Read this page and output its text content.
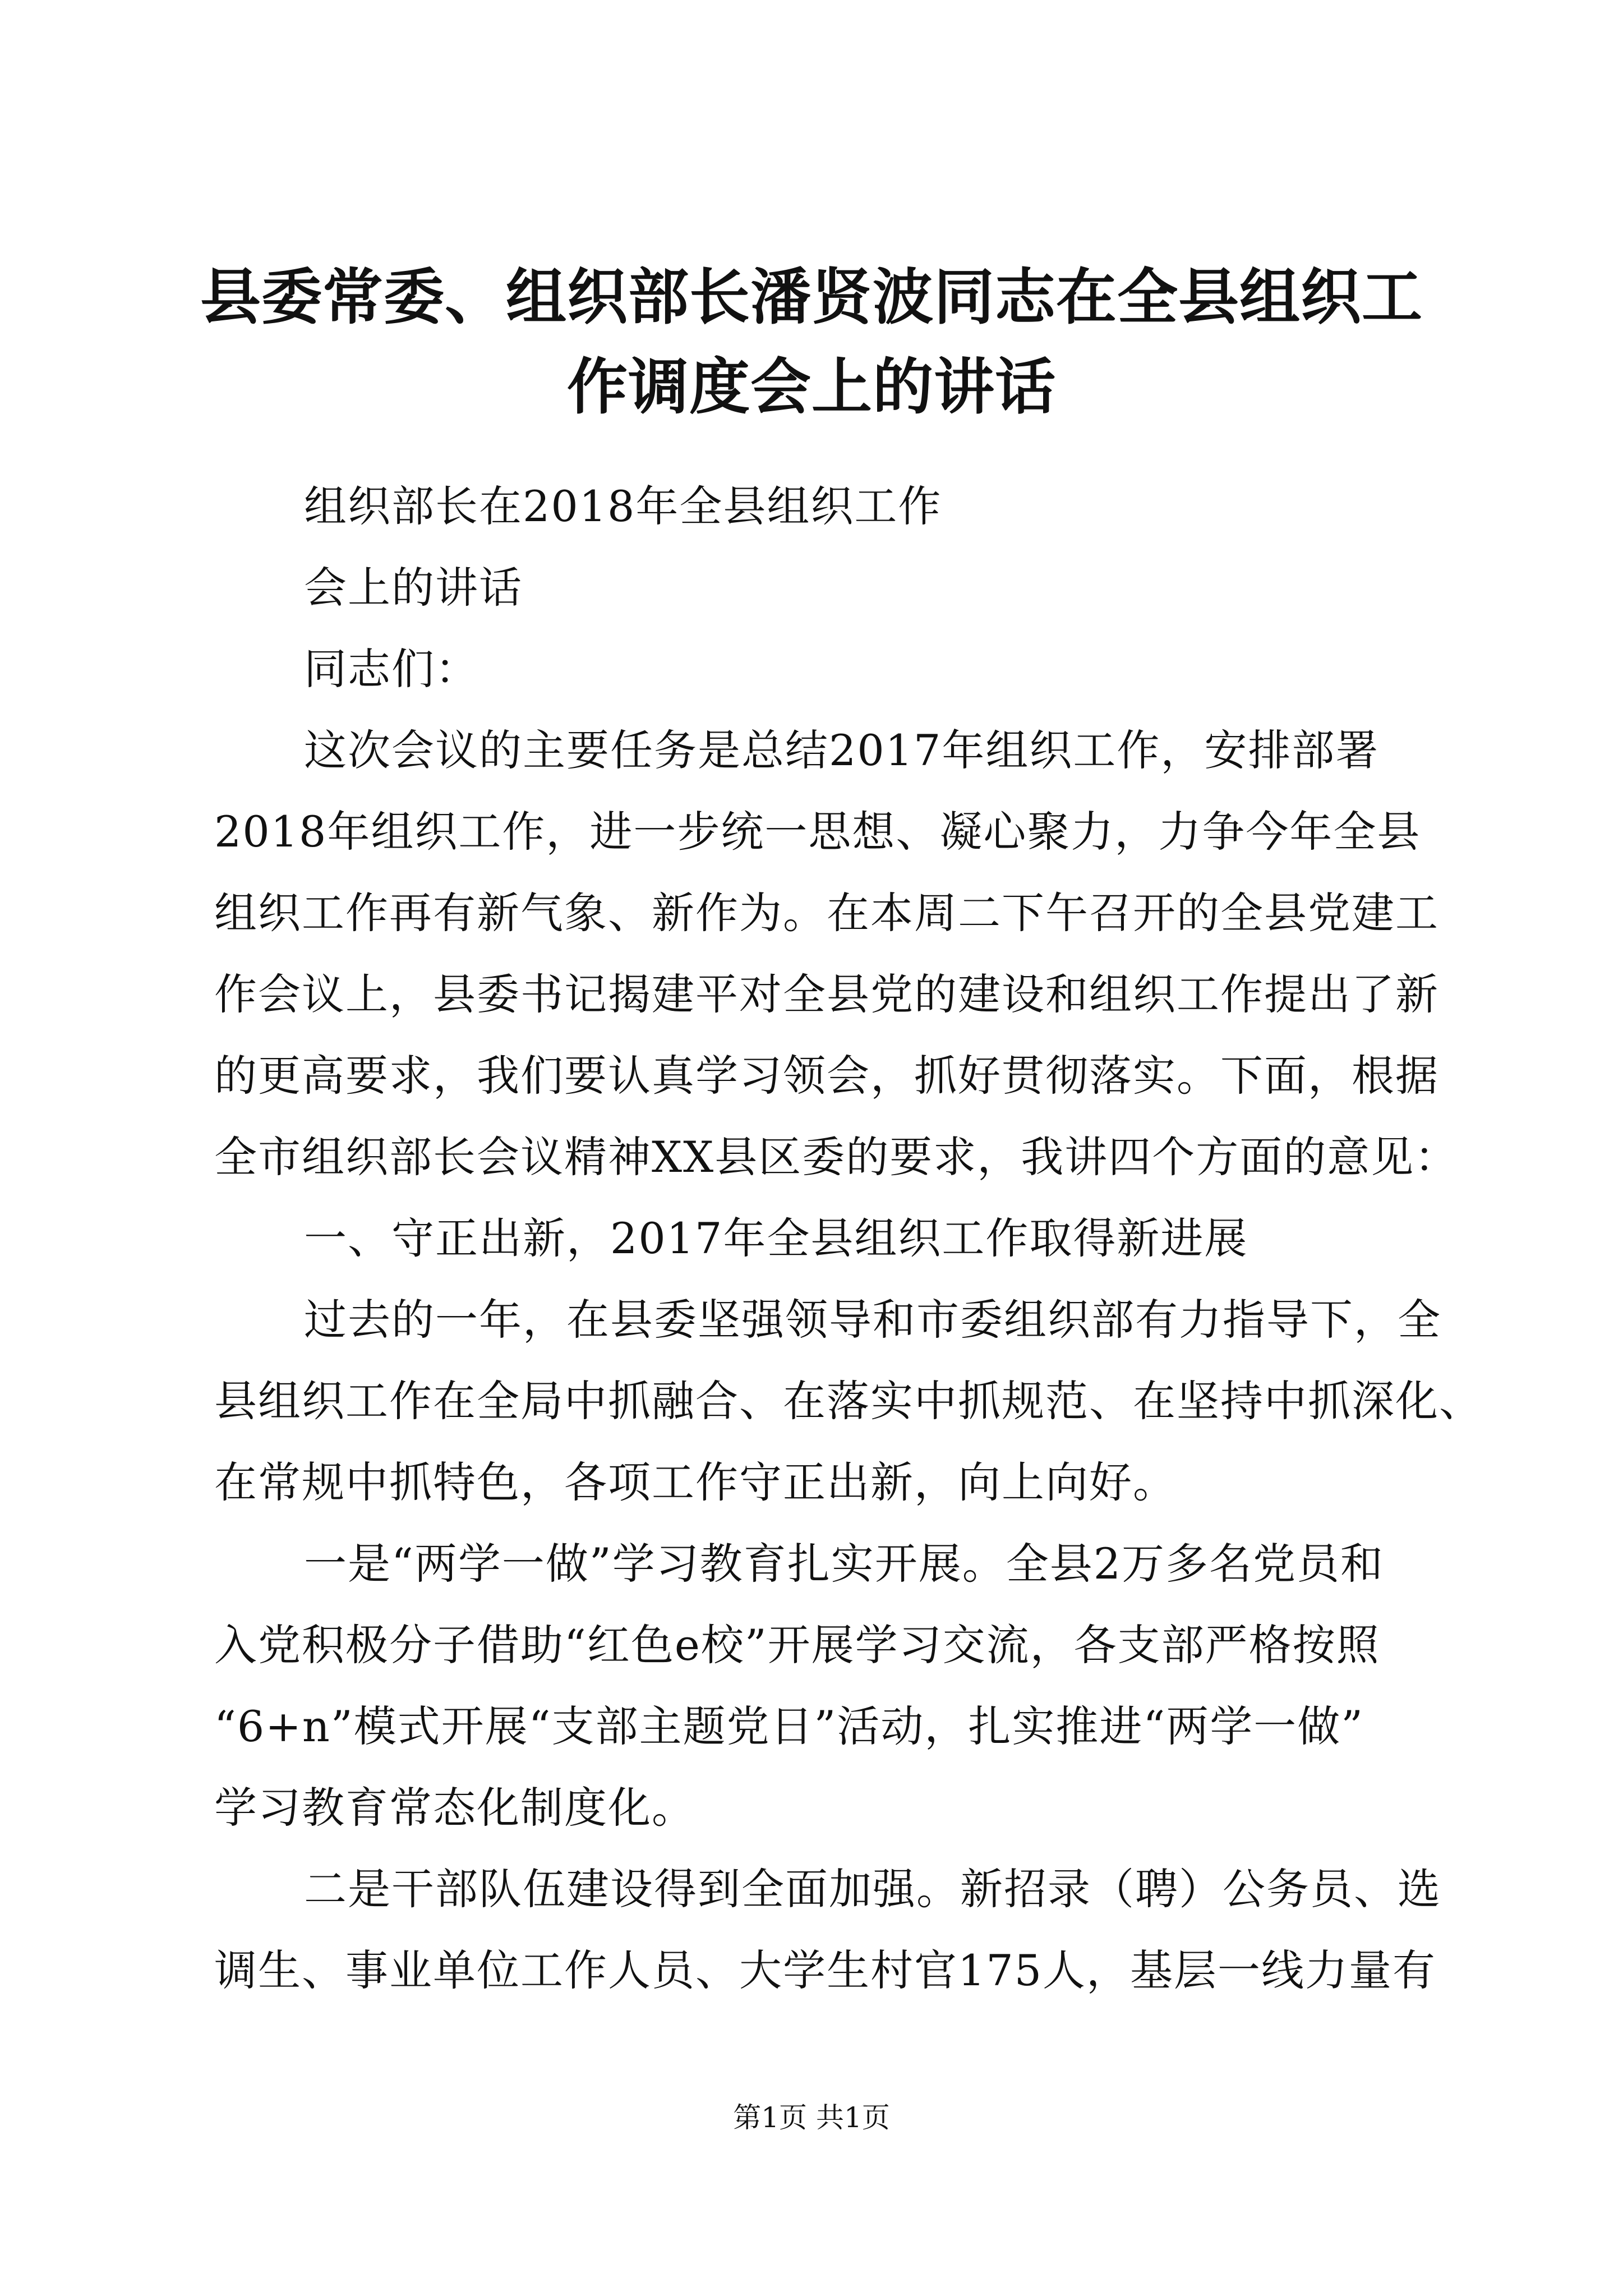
县委常委、组织部长潘贤波同志在全县组织工
作调度会上的讲话
组织部长在2018年全县组织工作
会上的讲话
同志们：
这次会议的主要任务是总结2017年组织工作，安排部署
2018年组织工作，进一步统一思想、凝心聚力，力争今年全县
组织工作再有新气象、新作为。在本周二下午召开的全县党建工
作会议上，县委书记揭建平对全县党的建设和组织工作提出了新
的更高要求，我们要认真学习领会，抓好贯彻落实。下面，根据
全市组织部长会议精神XX县区委的要求，我讲四个方面的意见：
一、守正出新，2017年全县组织工作取得新进展
过去的一年，在县委坚强领导和市委组织部有力指导下，全
县组织工作在全局中抓融合、在落实中抓规范、在坚持中抓深化、
在常规中抓特色，各项工作守正出新，向上向好。
一是“两学一做”学习教育扎实开展。全县2万多名党员和
入党积极分子借助“红色e校”开展学习交流，各支部严格按照
“6+n”模式开展“支部主题党日”活动，扎实推进“两学一做”
学习教育常态化制度化。
二是干部队伍建设得到全面加强。新招录（聘）公务员、选
调生、事业单位工作人员、大学生村官175人，基层一线力量有
第1页 共1页
